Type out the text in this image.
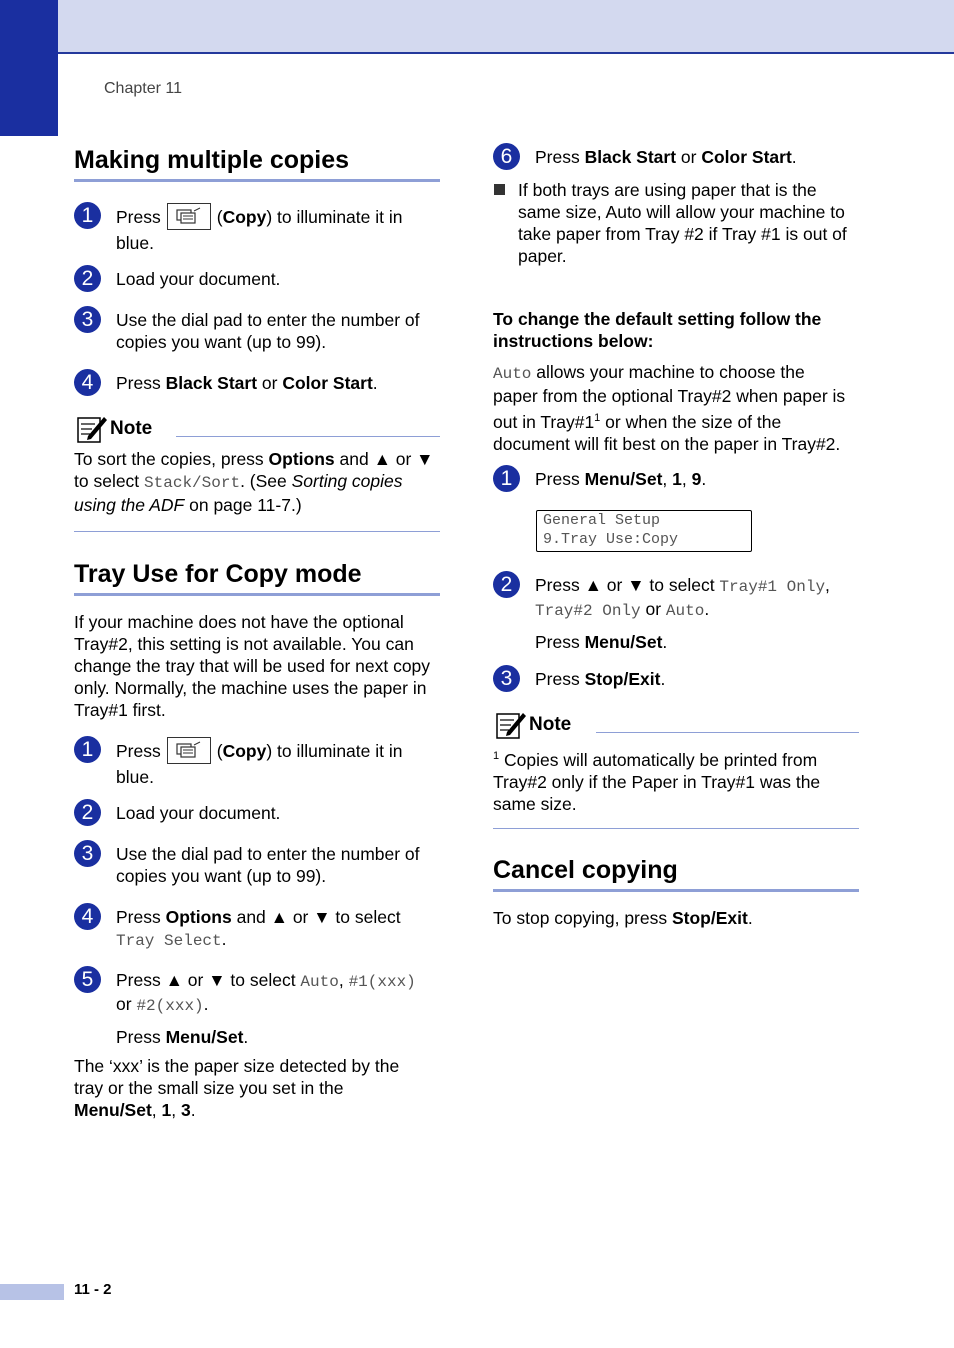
Chapter 11
Making multiple copies
1	Press	(Copy) to illuminate it in
blue.
2	Load your document.
3	Use the dial pad to enter the number of
copies you want (up to 99).
4	Press Black Start or Color Start.
Note
To sort the copies, press Options and ▲ or ▼
to select Stack/Sort. (See Sorting copies
using the ADF on page 11-7.)
Tray Use for Copy mode
If your machine does not have the optional
Tray#2, this setting is not available. You can
change the tray that will be used for next copy
only. Normally, the machine uses the paper in
Tray#1 first.
1	Press	(Copy) to illuminate it in
blue.
2	Load your document.
3	Use the dial pad to enter the number of
copies you want (up to 99).
4	Press Options and ▲ or ▼ to select
Tray Select.
5	Press ▲ or ▼ to select Auto, #1(xxx)
or #2(xxx).
Press Menu/Set.
The ‘xxx’ is the paper size detected by the
tray or the small size you set in the
Menu/Set, 1, 3.
6	Press Black Start or Color Start.
If both trays are using paper that is the
same size, Auto will allow your machine to
take paper from Tray #2 if Tray #1 is out of
paper.
To change the default setting follow the
instructions below:
Auto allows your machine to choose the
paper from the optional Tray#2 when paper is
out in $Tray\#1^1$ or when the size of the
document will fit best on the paper in Tray#2.
1	Press Menu/Set, 1, 9.
General Setup
9.Tray Use:Copy
2	Press ▲ or ▼ to select Tray#1 Only,
Tray#2 Only or Auto.
Press Menu/Set.
3	Press Stop/Exit.
Note
$^1$ Copies will automatically be printed from
Tray#2 only if the Paper in Tray#1 was the
same size.
Cancel copying
To stop copying, press Stop/Exit.
11 - 2
